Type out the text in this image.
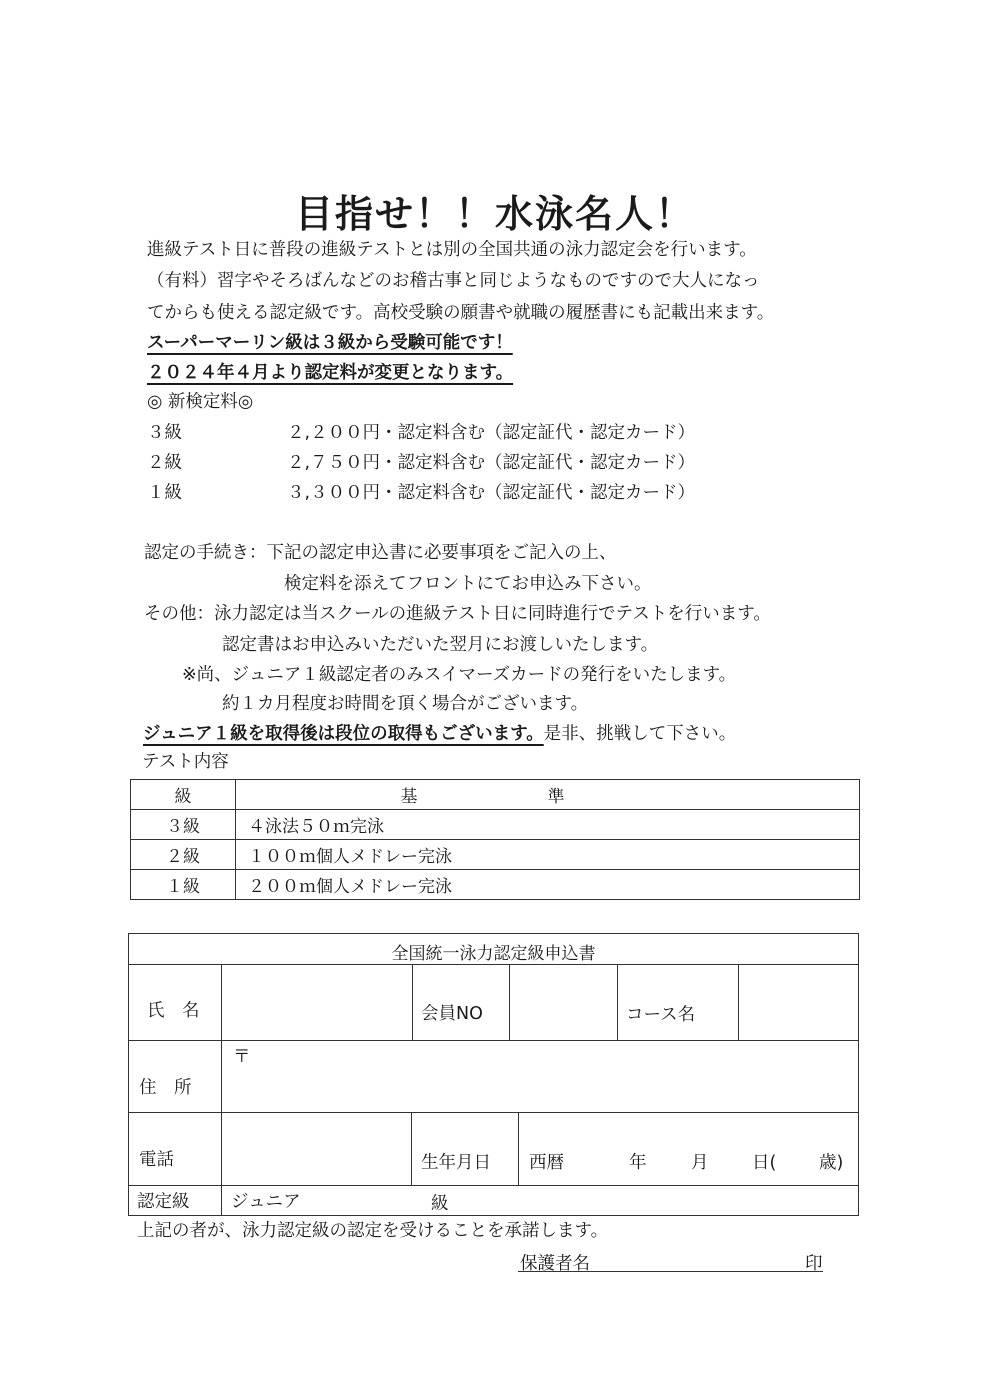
目指せ！！水泳名人！
進級テスト日に普段の進級テストとは別の全国共通の泳力認定会を行います。
（有料）習字やそろばんなどのお稽古事と同じようなものですので大人になっ
てからも使える認定級です。高校受験の願書や就職の履歴書にも記載出来ます。
スーパーマーリン級は３級から受験可能です！
２０２４年４月より認定料が変更となります。
◎ 新検定料◎
３級	２,２００円・認定料含む（認定証代・認定カード）
２級	２,７５０円・認定料含む（認定証代・認定カード）
１級	３,３００円・認定料含む（認定証代・認定カード）
認定の手続き：下記の認定申込書に必要事項をご記入の上、
検定料を添えてフロントにてお申込み下さい。
その他：泳力認定は当スクールの進級テスト日に同時進行でテストを行います。
認定書はお申込みいただいた翌月にお渡しいたします。
※尚、ジュニア１級認定者のみスイマーズカードの発行をいたします。
約１カ月程度お時間を頂く場合がございます。
ジュニア１級を取得後は段位の取得もございます。是非、挑戦して下さい。
テスト内容
級	基準
３級	４泳法５０ｍ完泳
２級	１００ｍ個人メドレー完泳
１級	２００ｍ個人メドレー完泳
全国統一泳力認定級申込書
氏　名	会員NO	コース名
住　所
〒
電話	生年月日 西暦	年	月 日( 歳)
認定級 ジュニア	級
上記の者が、泳力認定級の認定を受けることを承諾します。
保護者名	印
